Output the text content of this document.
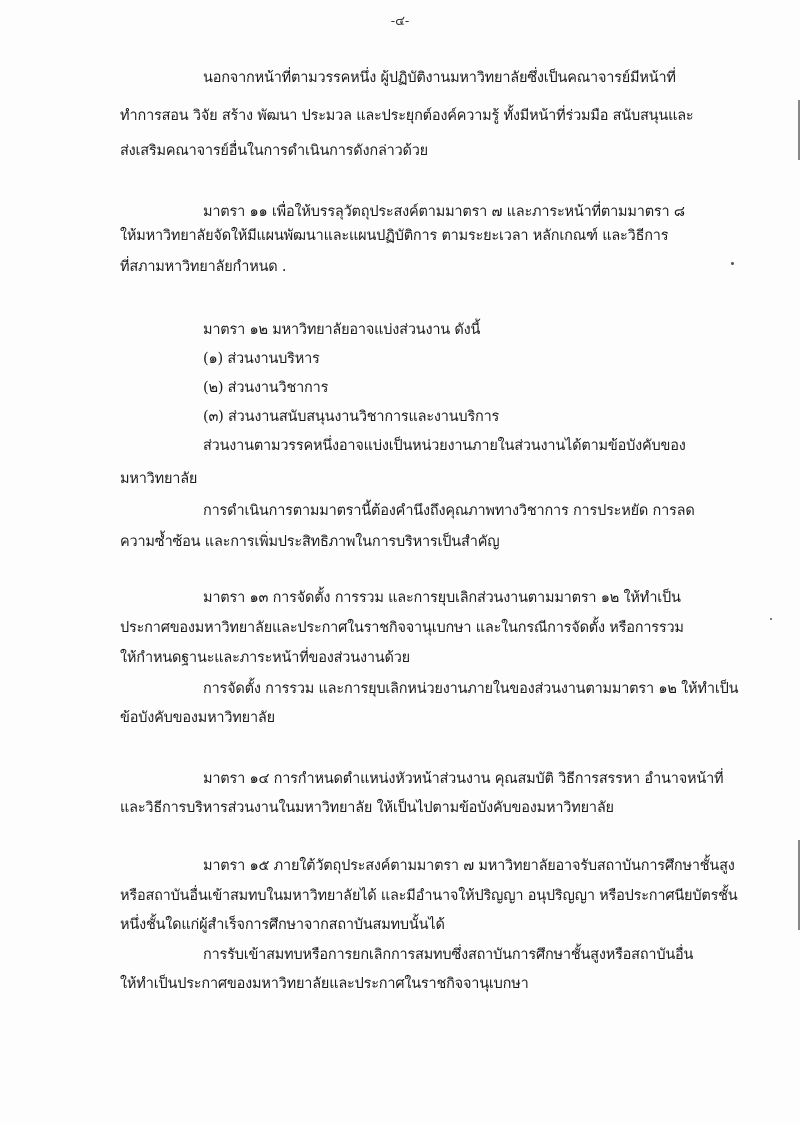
-๔-
นอกจากหน้าที่ตามวรรคหนึ่ง ผู้ปฏิบัติงานมหาวิทยาลัยซึ่งเป็นคณาจารย์มีหน้าที่
ทำการสอน วิจัย สร้าง พัฒนา ประมวล และประยุกต์องค์ความรู้ ทั้งมีหน้าที่ร่วมมือ สนับสนุนและ
ส่งเสริมคณาจารย์อื่นในการดำเนินการดังกล่าวด้วย
มาตรา ๑๑ เพื่อให้บรรลุวัตถุประสงค์ตามมาตรา ๗ และภาระหน้าที่ตามมาตรา ๘
ให้มหาวิทยาลัยจัดให้มีแผนพัฒนาและแผนปฏิบัติการ ตามระยะเวลา หลักเกณฑ์ และวิธีการ
ที่สภามหาวิทยาลัยกำหนด .
มาตรา ๑๒ มหาวิทยาลัยอาจแบ่งส่วนงาน ดังนี้
(๑) ส่วนงานบริหาร
(๒) ส่วนงานวิชาการ
(๓) ส่วนงานสนับสนุนงานวิชาการและงานบริการ
ส่วนงานตามวรรคหนึ่งอาจแบ่งเป็นหน่วยงานภายในส่วนงานได้ตามข้อบังคับของ
มหาวิทยาลัย
การดำเนินการตามมาตรานี้ต้องคำนึงถึงคุณภาพทางวิชาการ การประหยัด การลด
ความซ้ำซ้อน และการเพิ่มประสิทธิภาพในการบริหารเป็นสำคัญ
มาตรา ๑๓ การจัดตั้ง การรวม และการยุบเลิกส่วนงานตามมาตรา ๑๒ ให้ทำเป็น
ประกาศของมหาวิทยาลัยและประกาศในราชกิจจานุเบกษา และในกรณีการจัดตั้ง หรือการรวม
ให้กำหนดฐานะและภาระหน้าที่ของส่วนงานด้วย
การจัดตั้ง การรวม และการยุบเลิกหน่วยงานภายในของส่วนงานตามมาตรา ๑๒ ให้ทำเป็น
ข้อบังคับของมหาวิทยาลัย
มาตรา ๑๔ การกำหนดตำแหน่งหัวหน้าส่วนงาน คุณสมบัติ วิธีการสรรหา อำนาจหน้าที่
และวิธีการบริหารส่วนงานในมหาวิทยาลัย ให้เป็นไปตามข้อบังคับของมหาวิทยาลัย
มาตรา ๑๕ ภายใต้วัตถุประสงค์ตามมาตรา ๗ มหาวิทยาลัยอาจรับสถาบันการศึกษาชั้นสูง
หรือสถาบันอื่นเข้าสมทบในมหาวิทยาลัยได้ และมีอำนาจให้ปริญญา อนุปริญญา หรือประกาศนียบัตรชั้น
หนึ่งชั้นใดแก่ผู้สำเร็จการศึกษาจากสถาบันสมทบนั้นได้
การรับเข้าสมทบหรือการยกเลิกการสมทบซึ่งสถาบันการศึกษาชั้นสูงหรือสถาบันอื่น
ให้ทำเป็นประกาศของมหาวิทยาลัยและประกาศในราชกิจจานุเบกษา
